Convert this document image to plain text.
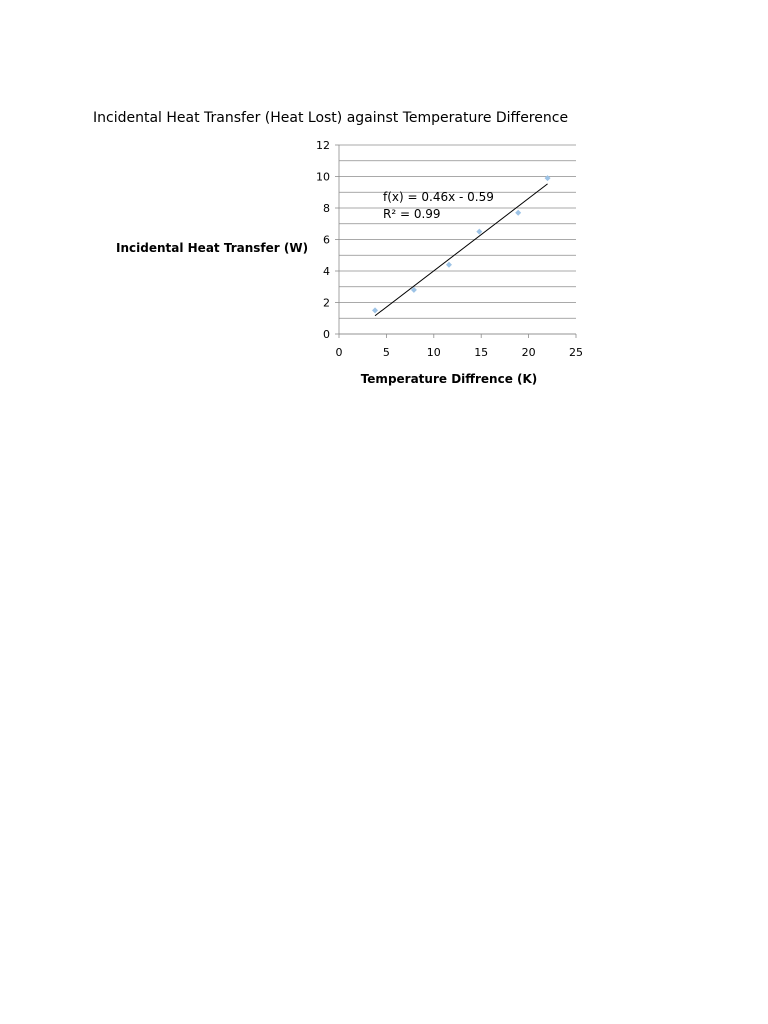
Incidental Heat Transfer (Heat Lost) against Temperature Difference
Incidental Heat Transfer (W)
Temperature Diffrence (K)
0
2
4
6
8
10
12
0	5	10	15	20	25
f(x) = 0.46x - 0.59
R² = 0.99
